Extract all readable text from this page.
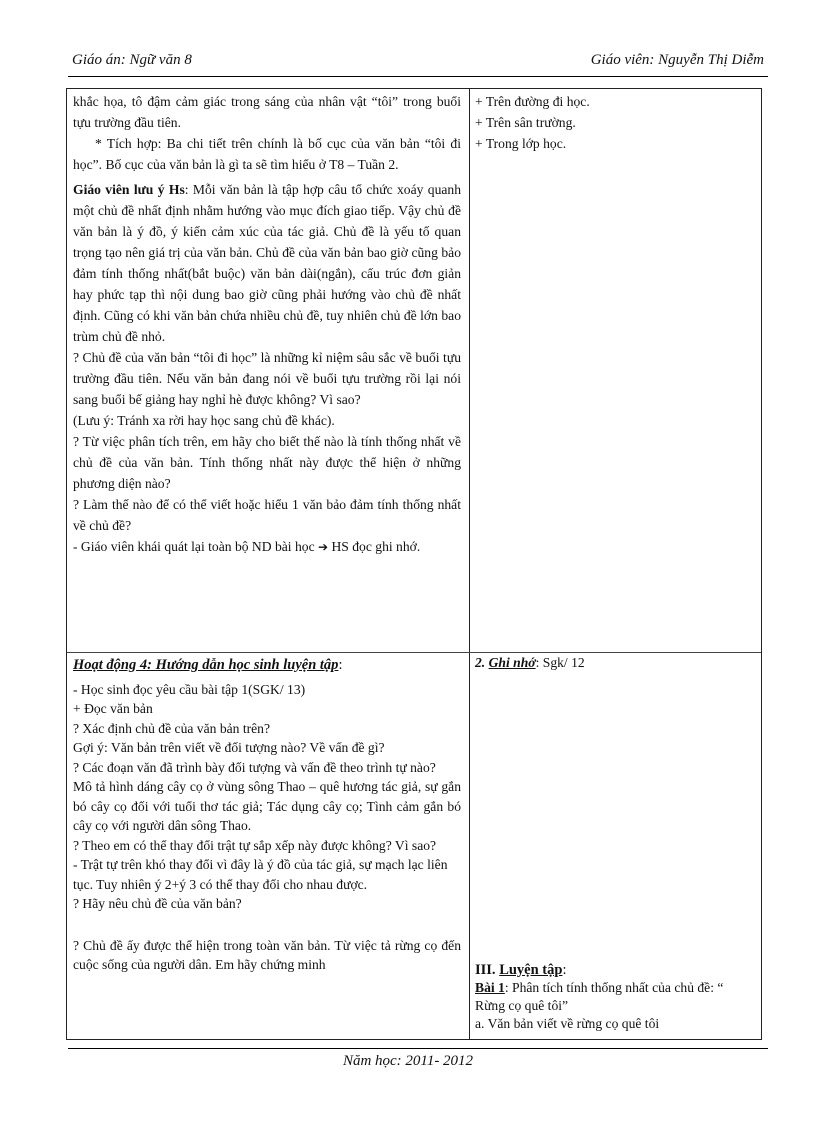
Giáo án: Ngữ văn 8	Giáo viên: Nguyễn Thị Diễm

khắc họa, tô đậm cảm giác trong sáng của nhân vật “tôi” trong buổi tựu trường đầu tiên.

* Tích hợp: Ba chi tiết trên chính là bố cục của văn bản “tôi đi học”. Bố cục của văn bản là gì ta sẽ tìm hiểu ở T8 – Tuần 2.

Giáo viên lưu ý Hs: Mỗi văn bản là tập hợp câu tổ chức xoáy quanh một chủ đề nhất định nhằm hướng vào mục đích giao tiếp. Vậy chủ đề văn bản là ý đồ, ý kiến cảm xúc của tác giả. Chủ đề là yếu tố quan trọng tạo nên giá trị của văn bản. Chủ đề của văn bản bao giờ cũng bảo đảm tính thống nhất(bắt buộc) văn bản dài(ngắn), cấu trúc đơn giản hay phức tạp thì nội dung bao giờ cũng phải hướng vào chủ đề nhất định. Cũng có khi văn bản chứa nhiều chủ đề, tuy nhiên chủ đề lớn bao trùm chủ đề nhỏ.

? Chủ đề của văn bản “tôi đi học” là những kỉ niệm sâu sắc về buổi tựu trường đầu tiên. Nếu văn bản đang nói về buổi tựu trường rồi lại nói sang buổi bế giảng hay nghỉ hè được không? Vì sao?

(Lưu ý: Tránh xa rời hay học sang chủ đề khác).

? Từ việc phân tích trên, em hãy cho biết thế nào là tính thống nhất về chủ đề của văn bản. Tính thống nhất này được thể hiện ở những phương diện nào?

? Làm thế nào để có thể viết hoặc hiểu 1 văn bảo đảm tính thống nhất về chủ đề?

- Giáo viên khái quát lại toàn bộ ND bài học ➔ HS đọc ghi nhớ.

Hoạt động 4: Hướng dẫn học sinh luyện tập:

- Học sinh đọc yêu cầu bài tập 1(SGK/ 13)

+ Đọc văn bản

? Xác định chủ đề của văn bản trên?

Gợi ý: Văn bản trên viết về đối tượng nào? Về vấn đề gì?

? Các đoạn văn đã trình bày đối tượng và vấn đề theo trình tự nào?

Mô tả hình dáng cây cọ ở vùng sông Thao – quê hương tác giả, sự gắn bó cây cọ đối với tuổi thơ tác giả; Tác dụng cây cọ; Tình cảm gắn bó cây cọ với người dân sông Thao.

? Theo em có thể thay đổi trật tự sắp xếp này được không? Vì sao?

- Trật tự trên khó thay đổi vì đây là ý đồ của tác giả, sự mạch lạc liên tục. Tuy nhiên ý 2+ý 3 có thể thay đổi cho nhau được.

? Hãy nêu chủ đề của văn bản?

? Chủ đề ấy được thể hiện trong toàn văn bản. Từ việc tả rừng cọ đến cuộc sống của người dân. Em hãy chứng minh

+ Trên đường đi học.

+ Trên sân trường.

+ Trong lớp học.

2. Ghi nhớ: Sgk/ 12

III. Luyện tập:

Bài 1: Phân tích tính thống nhất của chủ đề: “ Rừng cọ quê tôi”

a. Văn bản viết về rừng cọ quê tôi

Năm học: 2011- 2012
